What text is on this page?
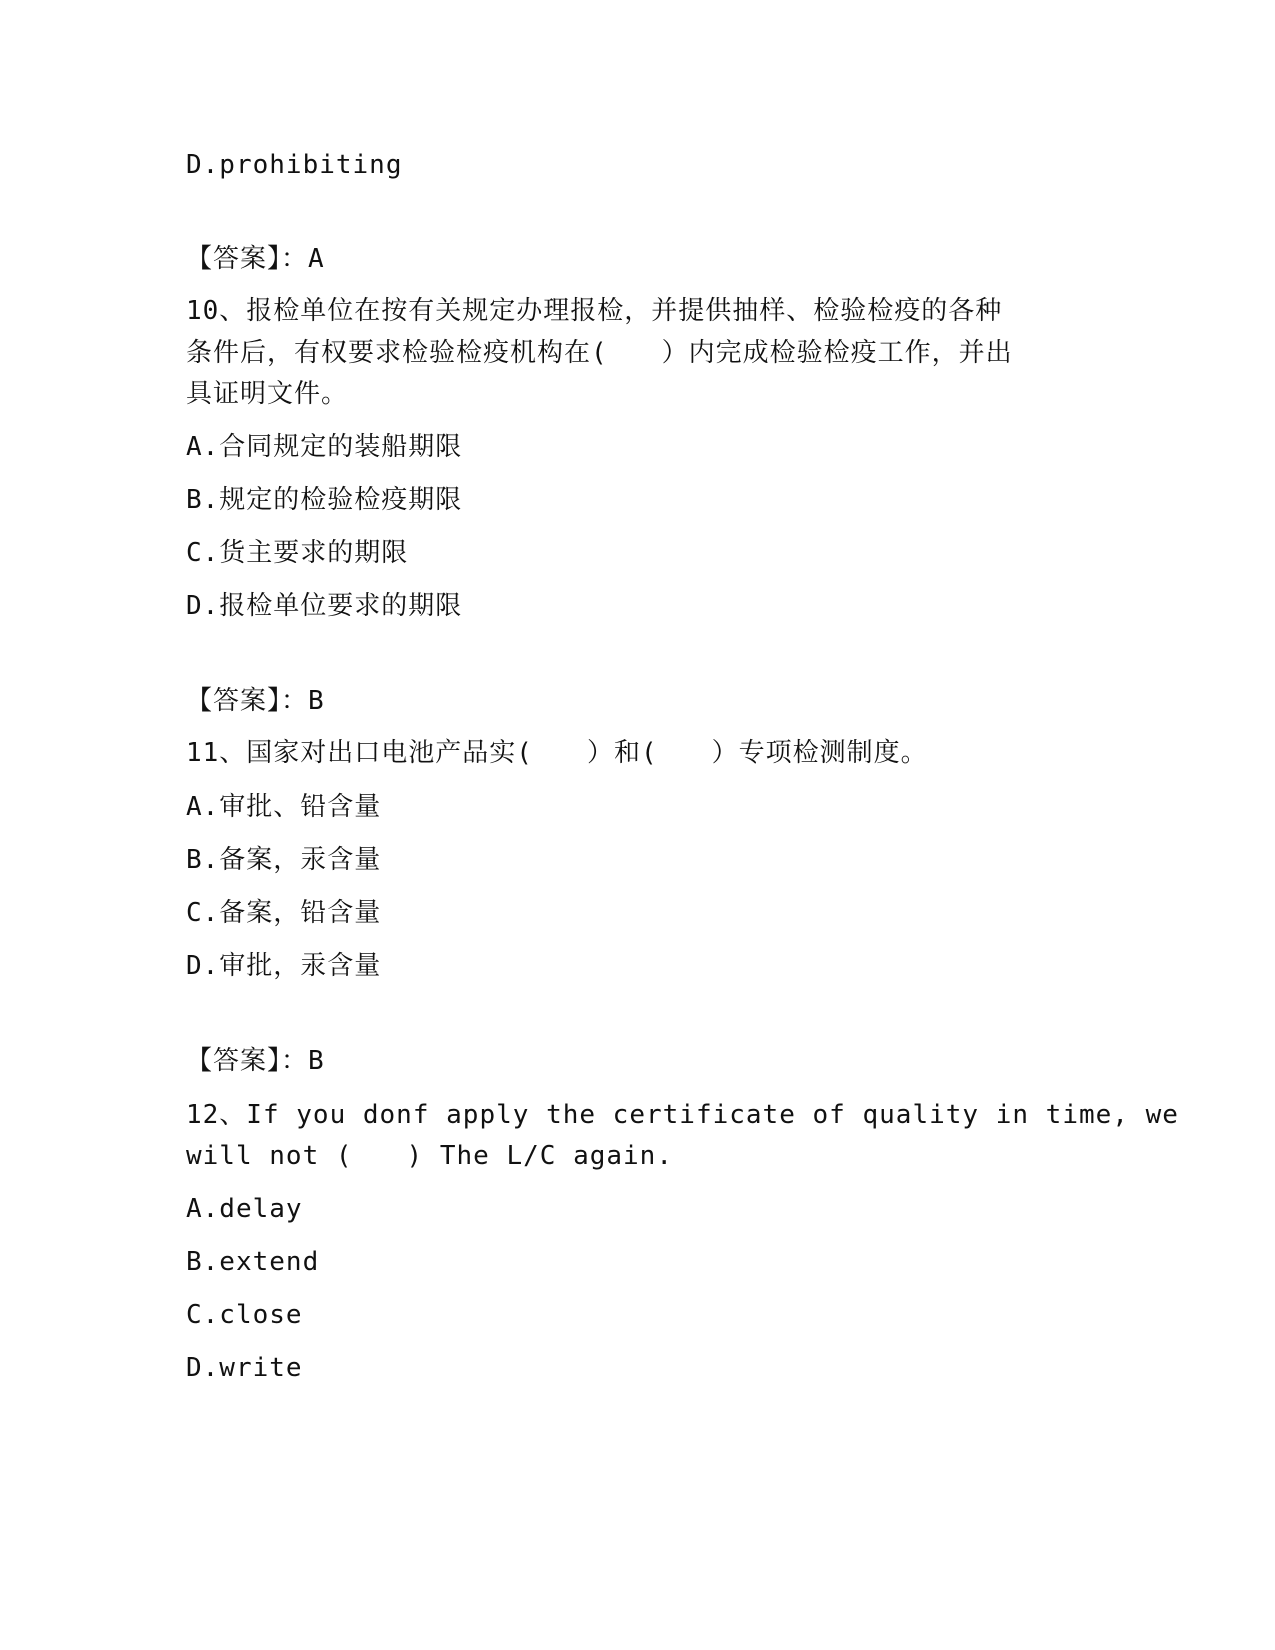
D.prohibiting
【答案】：A
10、报检单位在按有关规定办理报检，并提供抽样、检验检疫的各种
条件后，有权要求检验检疫机构在(　　）内完成检验检疫工作，并出
具证明文件。
A.合同规定的装船期限
B.规定的检验检疫期限
C.货主要求的期限
D.报检单位要求的期限
【答案】：B
11、国家对出口电池产品实(　　）和(　　）专项检测制度。
A.审批、铅含量
B.备案，汞含量
C.备案，铅含量
D.审批，汞含量
【答案】：B
12、If you donf apply the certificate of quality in time, we
will not (　　) The L/C again.
A.delay
B.extend
C.close
D.write
